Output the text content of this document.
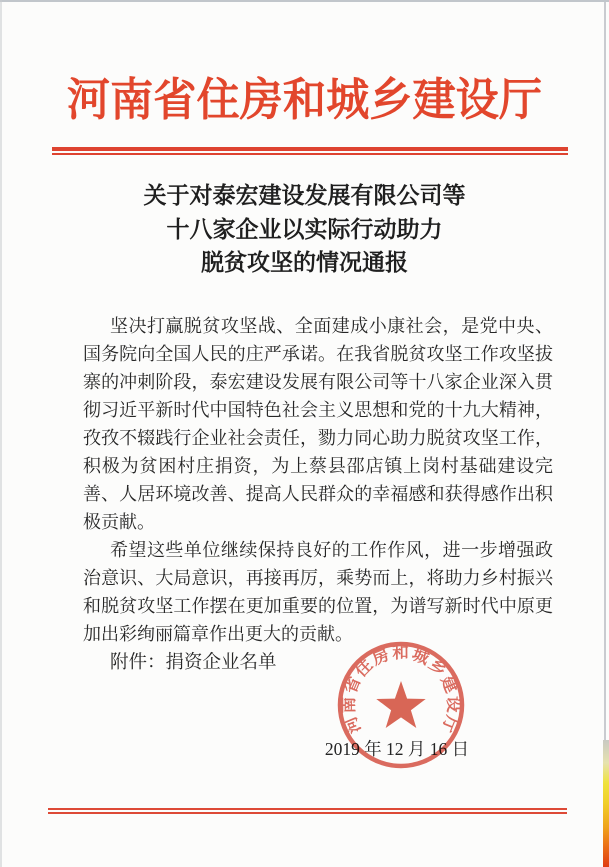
河南省住房和城乡建设厅
关于对泰宏建设发展有限公司等
十八家企业以实际行动助力
脱贫攻坚的情况通报

坚决打赢脱贫攻坚战、全面建成小康社会，是党中央、国务院向全国人民的庄严承诺。在我省脱贫攻坚工作攻坚拔寨的冲刺阶段，泰宏建设发展有限公司等十八家企业深入贯彻习近平新时代中国特色社会主义思想和党的十九大精神，孜孜不辍践行企业社会责任，勠力同心助力脱贫攻坚工作，积极为贫困村庄捐资，为上蔡县邵店镇上岗村基础建设完善、人居环境改善、提高人民群众的幸福感和获得感作出积极贡献。

希望这些单位继续保持良好的工作作风，进一步增强政治意识、大局意识，再接再厉，乘势而上，将助力乡村振兴和脱贫攻坚工作摆在更加重要的位置，为谱写新时代中原更加出彩绚丽篇章作出更大的贡献。

附件：捐资企业名单
河南省住房和城乡建设厅
2019 年 12 月 16 日
